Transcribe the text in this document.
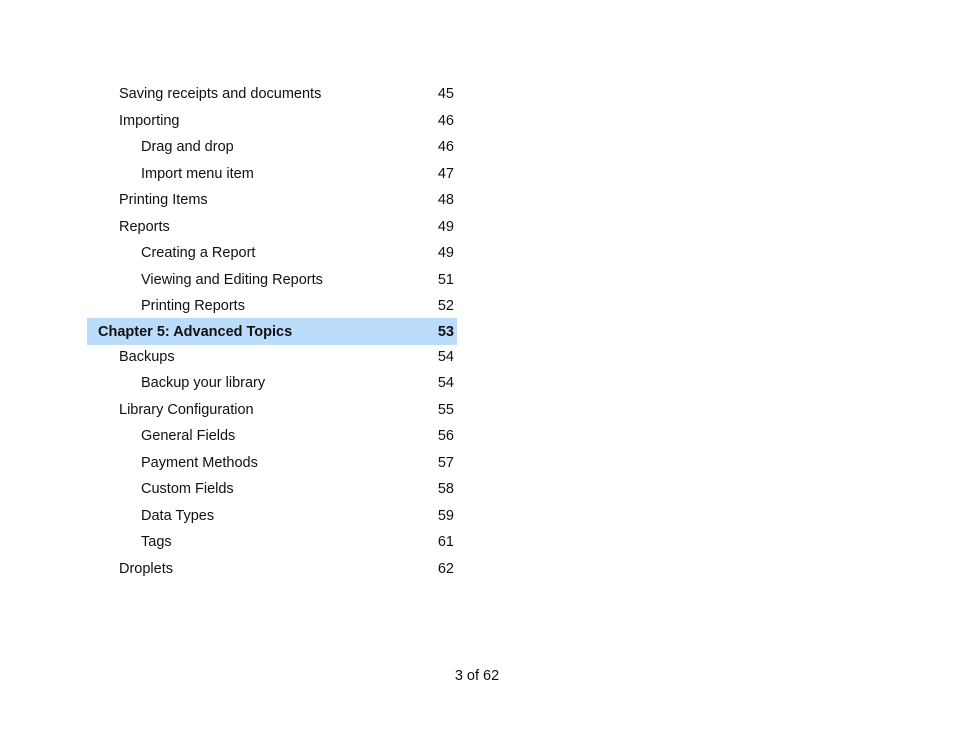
Saving receipts and documents	45
Importing	46
Drag and drop	46
Import menu item	47
Printing Items	48
Reports	49
Creating a Report	49
Viewing and Editing Reports	51
Printing Reports	52
Chapter 5: Advanced Topics	53
Backups	54
Backup your library	54
Library Configuration	55
General Fields	56
Payment Methods	57
Custom Fields	58
Data Types	59
Tags	61
Droplets	62
3 of 62
